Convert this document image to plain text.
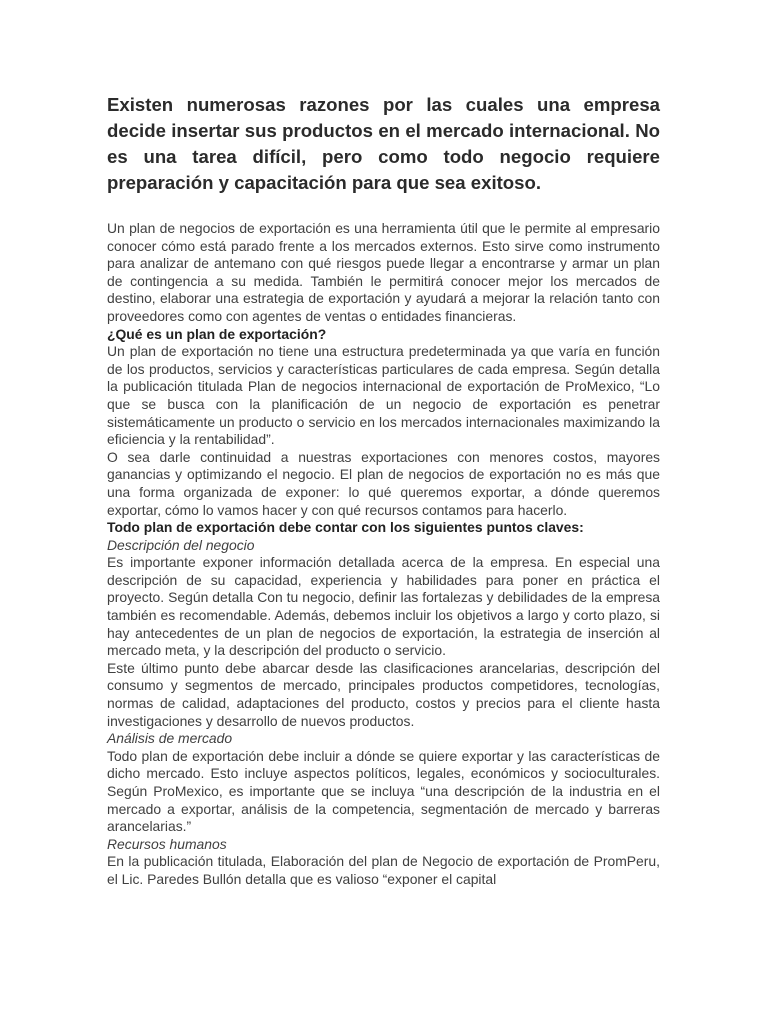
Existen numerosas razones por las cuales una empresa decide insertar sus productos en el mercado internacional. No es una tarea difícil, pero como todo negocio requiere preparación y capacitación para que sea exitoso.

Un plan de negocios de exportación es una herramienta útil que le permite al empresario conocer cómo está parado frente a los mercados externos. Esto sirve como instrumento para analizar de antemano con qué riesgos puede llegar a encontrarse y armar un plan de contingencia a su medida. También le permitirá conocer mejor los mercados de destino, elaborar una estrategia de exportación y ayudará a mejorar la relación tanto con proveedores como con agentes de ventas o entidades financieras.

¿Qué es un plan de exportación?

Un plan de exportación no tiene una estructura predeterminada ya que varía en función de los productos, servicios y características particulares de cada empresa. Según detalla la publicación titulada Plan de negocios internacional de exportación de ProMexico, “Lo que se busca con la planificación de un negocio de exportación es penetrar sistemáticamente un producto o servicio en los mercados internacionales maximizando la eficiencia y la rentabilidad”.

O sea darle continuidad a nuestras exportaciones con menores costos, mayores ganancias y optimizando el negocio. El plan de negocios de exportación no es más que una forma organizada de exponer: lo qué queremos exportar, a dónde queremos exportar, cómo lo vamos hacer y con qué recursos contamos para hacerlo.

Todo plan de exportación debe contar con los siguientes puntos claves:

Descripción del negocio

Es importante exponer información detallada acerca de la empresa. En especial una descripción de su capacidad, experiencia y habilidades para poner en práctica el proyecto. Según detalla Con tu negocio, definir las fortalezas y debilidades de la empresa también es recomendable. Además, debemos incluir los objetivos a largo y corto plazo, si hay antecedentes de un plan de negocios de exportación, la estrategia de inserción al mercado meta, y la descripción del producto o servicio.

Este último punto debe abarcar desde las clasificaciones arancelarias, descripción del consumo y segmentos de mercado, principales productos competidores, tecnologías, normas de calidad, adaptaciones del producto, costos y precios para el cliente hasta investigaciones y desarrollo de nuevos productos.

Análisis de mercado

Todo plan de exportación debe incluir a dónde se quiere exportar y las características de dicho mercado. Esto incluye aspectos políticos, legales, económicos y socioculturales. Según ProMexico, es importante que se incluya “una descripción de la industria en el mercado a exportar, análisis de la competencia, segmentación de mercado y barreras arancelarias.”

Recursos humanos

En la publicación titulada, Elaboración del plan de Negocio de exportación de PromPeru, el Lic. Paredes Bullón detalla que es valioso “exponer el capital
